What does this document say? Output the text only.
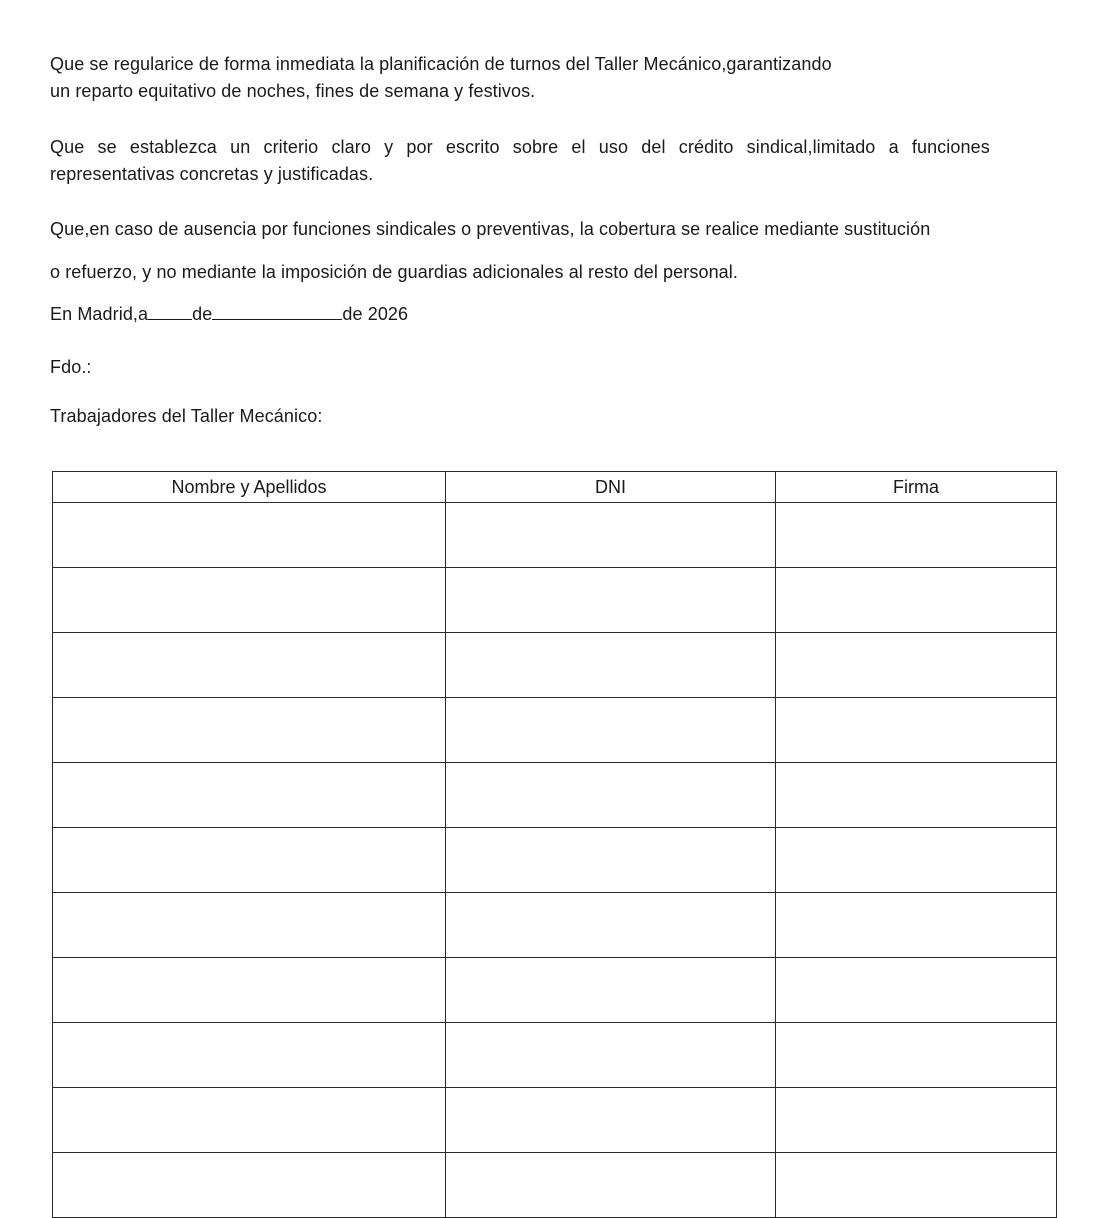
Que se regularice de forma inmediata la planificación de turnos del Taller Mecánico,garantizando
un reparto equitativo de noches, fines de semana y festivos.
Que se establezca un criterio claro y por escrito sobre el uso del crédito sindical,limitado a funciones
representativas concretas y justificadas.
Que,en caso de ausencia por funciones sindicales o preventivas, la cobertura se realice mediante sustitución
o refuerzo, y no mediante la imposición de guardias adicionales al resto del personal.
En Madrid,a de	de 2026
Fdo.:
Trabajadores del Taller Mecánico:
Nombre y Apellidos	DNI	Firma
